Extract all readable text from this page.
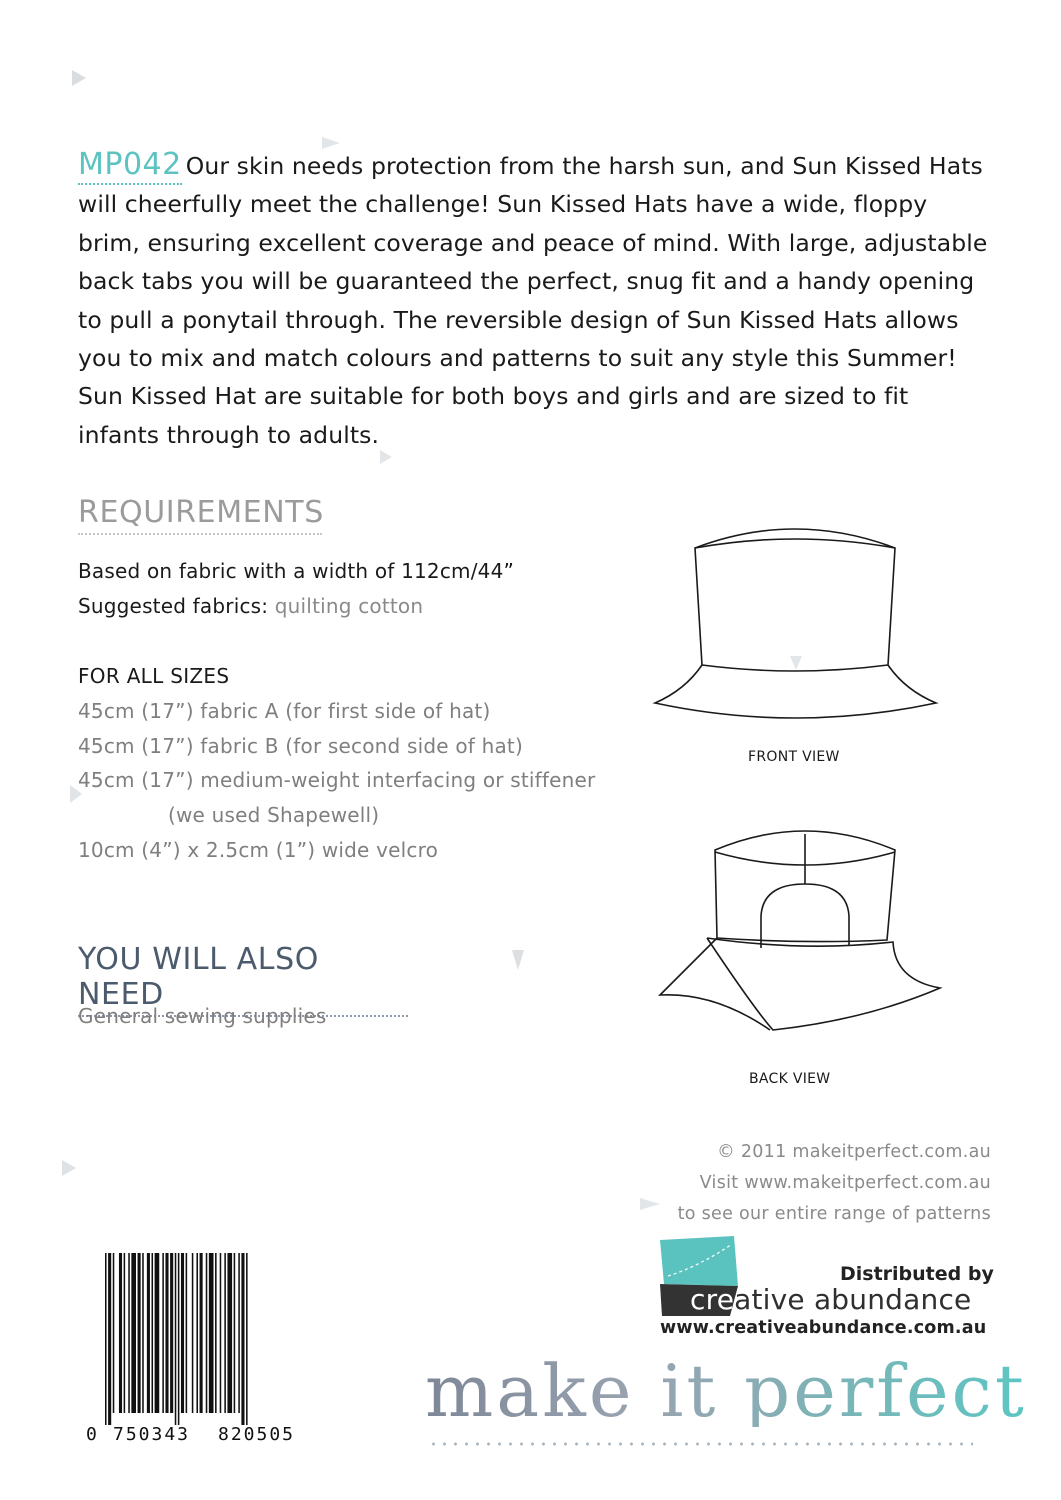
MP042 Our skin needs protection from the harsh sun, and Sun Kissed Hats will cheerfully meet the challenge! Sun Kissed Hats have a wide, floppy brim, ensuring excellent coverage and peace of mind. With large, adjustable back tabs you will be guaranteed the perfect, snug fit and a handy opening to pull a ponytail through. The reversible design of Sun Kissed Hats allows you to mix and match colours and patterns to suit any style this Summer! Sun Kissed Hat are suitable for both boys and girls and are sized to fit infants through to adults.
REQUIREMENTS
Based on fabric with a width of 112cm/44”
Suggested fabrics: quilting cotton
FOR ALL SIZES
45cm (17”) fabric A (for first side of hat)
45cm (17”) fabric B (for second side of hat)
45cm (17”) medium-weight interfacing or stiffener
(we used Shapewell)
10cm (4”) x 2.5cm (1”) wide velcro
YOU WILL ALSO NEED
General sewing supplies
FRONT VIEW
BACK VIEW
© 2011 makeitperfect.com.au
Visit www.makeitperfect.com.au
to see our entire range of patterns
Distributed by
creative abundance
www.creativeabundance.com.au
0 750343 820505
make it perfect
